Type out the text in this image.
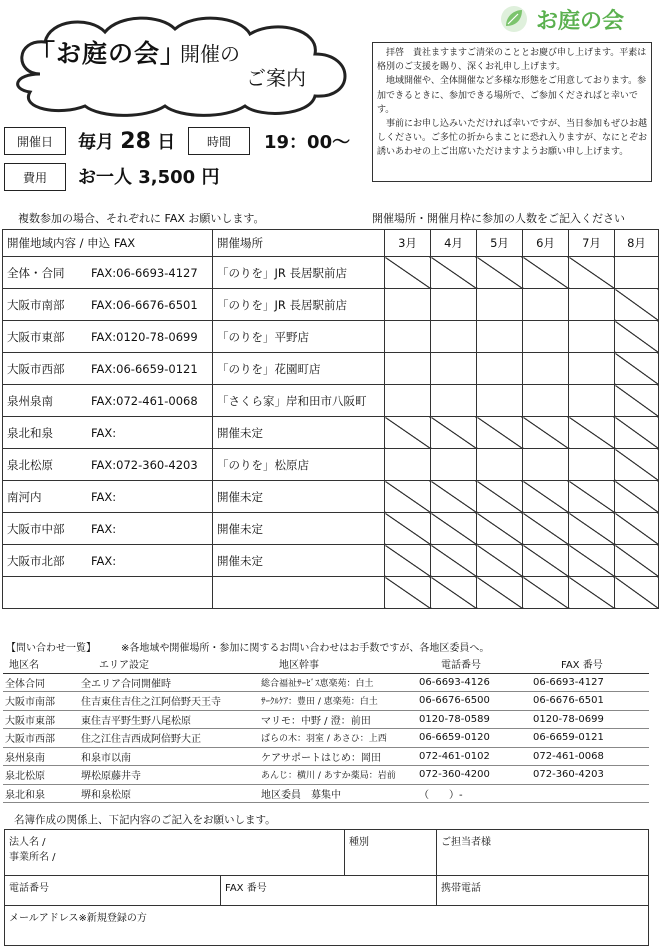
「お庭の会」
開催の
ご案内
お庭の会

拝啓　貴社ますますご清栄のこととお慶び申し上げます。平素は格別のご支援を賜り、深くお礼申し上げます。

地域開催や、全体開催など多様な形態をご用意しております。参加できるときに、参加できる場所で、ご参加くださればと幸いです。

事前にお申し込みいただければ幸いですが、当日参加もぜひお越しください。ご多忙の折からまことに恐れ入りますが、なにとぞお誘いあわせの上ご出席いただけますようお願い申し上げます。

開催日	毎月 28 日	時間	19：00～
費用	お一人 3,500 円
複数参加の場合、それぞれに FAX お願いします。	開催場所・開催月枠に参加の人数をご記入ください
開催地域内容 / 申込 FAX	開催場所	3月	4月	5月	6月	7月	8月
全体・合同 FAX:06-6693-4127	「のりを」JR 長居駅前店						
大阪市南部 FAX:06-6676-6501	「のりを」JR 長居駅前店						
大阪市東部 FAX:0120-78-0699	「のりを」平野店						
大阪市西部 FAX:06-6659-0121	「のりを」花園町店						
泉州泉南 FAX:072-461-0068	「さくら家」岸和田市八阪町						
泉北和泉 FAX:	開催未定						
泉北松原 FAX:072-360-4203	「のりを」松原店						
南河内 FAX:	開催未定						
大阪市中部 FAX:	開催未定						
大阪市北部 FAX:	開催未定						

【問い合わせ一覧】　　　※各地域や開催場所・参加に関するお問い合わせはお手数ですが、各地区委員へ。
地区名	エリア設定	地区幹事	電話番号	FAX 番号
全体合同	全エリア合同開催時	総合福祉ｻｰﾋﾞｽ恵楽苑：白土	06-6693-4126	06-6693-4127
大阪市南部	住吉東住吉住之江阿倍野天王寺	ｻｰｸﾙｹｱ：豊田 / 恵楽苑：白土	06-6676-6500	06-6676-6501
大阪市東部	東住吉平野生野八尾松原	マリモ：中野 / 澄：前田	0120-78-0589	0120-78-0699
大阪市西部	住之江住吉西成阿倍野大正	ぱらの木：羽室 / あさひ：上西	06-6659-0120	06-6659-0121
泉州泉南	和泉市以南	ケアサポートはじめ：岡田	072-461-0102	072-461-0068
泉北松原	堺松原藤井寺	あんじ：横川 / あすか薬局：岩前	072-360-4200	072-360-4203
泉北和泉	堺和泉松原	地区委員　募集中	（　　）-	
名簿作成の関係上、下記内容のご記入をお願いします。
法人名 /
事業所名 /		種別	ご担当者様
電話番号	FAX 番号		携帯電話
メールアドレス※新規登録の方			
